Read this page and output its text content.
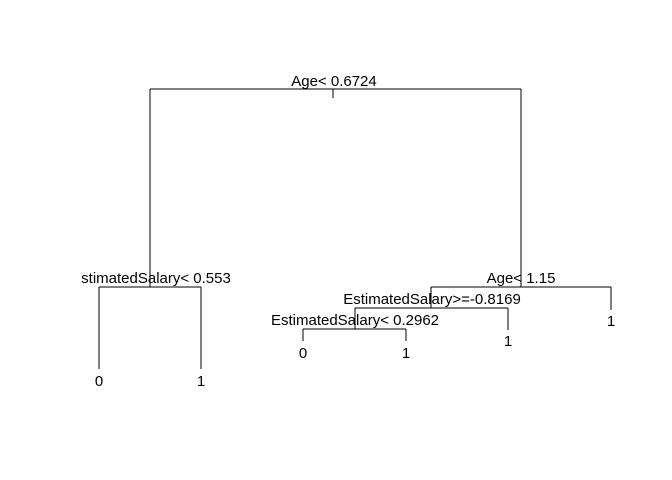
Age< 0.6724
stimatedSalary< 0.553
0	1
Age< 1.15
1
EstimatedSalary>=-0.8169
1
EstimatedSalary< 0.2962
0	1
